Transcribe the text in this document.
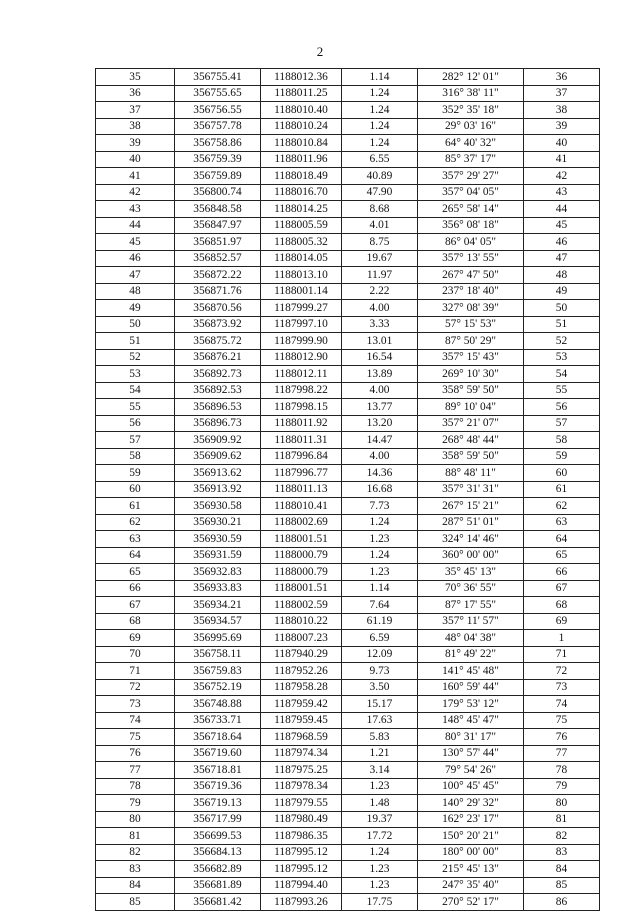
2
35	356755.41	1188012.36	1.14	282° 12' 01"	36
36	356755.65	1188011.25	1.24	316° 38' 11"	37
37	356756.55	1188010.40	1.24	352° 35' 18"	38
38	356757.78	1188010.24	1.24	29° 03' 16"	39
39	356758.86	1188010.84	1.24	64° 40' 32"	40
40	356759.39	1188011.96	6.55	85° 37' 17"	41
41	356759.89	1188018.49	40.89	357° 29' 27"	42
42	356800.74	1188016.70	47.90	357° 04' 05"	43
43	356848.58	1188014.25	8.68	265° 58' 14"	44
44	356847.97	1188005.59	4.01	356° 08' 18"	45
45	356851.97	1188005.32	8.75	86° 04' 05"	46
46	356852.57	1188014.05	19.67	357° 13' 55"	47
47	356872.22	1188013.10	11.97	267° 47' 50"	48
48	356871.76	1188001.14	2.22	237° 18' 40"	49
49	356870.56	1187999.27	4.00	327° 08' 39"	50
50	356873.92	1187997.10	3.33	57° 15' 53"	51
51	356875.72	1187999.90	13.01	87° 50' 29"	52
52	356876.21	1188012.90	16.54	357° 15' 43"	53
53	356892.73	1188012.11	13.89	269° 10' 30"	54
54	356892.53	1187998.22	4.00	358° 59' 50"	55
55	356896.53	1187998.15	13.77	89° 10' 04"	56
56	356896.73	1188011.92	13.20	357° 21' 07"	57
57	356909.92	1188011.31	14.47	268° 48' 44"	58
58	356909.62	1187996.84	4.00	358° 59' 50"	59
59	356913.62	1187996.77	14.36	88° 48' 11"	60
60	356913.92	1188011.13	16.68	357° 31' 31"	61
61	356930.58	1188010.41	7.73	267° 15' 21"	62
62	356930.21	1188002.69	1.24	287° 51' 01"	63
63	356930.59	1188001.51	1.23	324° 14' 46"	64
64	356931.59	1188000.79	1.24	360° 00' 00"	65
65	356932.83	1188000.79	1.23	35° 45' 13"	66
66	356933.83	1188001.51	1.14	70° 36' 55"	67
67	356934.21	1188002.59	7.64	87° 17' 55"	68
68	356934.57	1188010.22	61.19	357° 11' 57"	69
69	356995.69	1188007.23	6.59	48° 04' 38"	1
70	356758.11	1187940.29	12.09	81° 49' 22"	71
71	356759.83	1187952.26	9.73	141° 45' 48"	72
72	356752.19	1187958.28	3.50	160° 59' 44"	73
73	356748.88	1187959.42	15.17	179° 53' 12"	74
74	356733.71	1187959.45	17.63	148° 45' 47"	75
75	356718.64	1187968.59	5.83	80° 31' 17"	76
76	356719.60	1187974.34	1.21	130° 57' 44"	77
77	356718.81	1187975.25	3.14	79° 54' 26"	78
78	356719.36	1187978.34	1.23	100° 45' 45"	79
79	356719.13	1187979.55	1.48	140° 29' 32"	80
80	356717.99	1187980.49	19.37	162° 23' 17"	81
81	356699.53	1187986.35	17.72	150° 20' 21"	82
82	356684.13	1187995.12	1.24	180° 00' 00"	83
83	356682.89	1187995.12	1.23	215° 45' 13"	84
84	356681.89	1187994.40	1.23	247° 35' 40"	85
85	356681.42	1187993.26	17.75	270° 52' 17"	86
